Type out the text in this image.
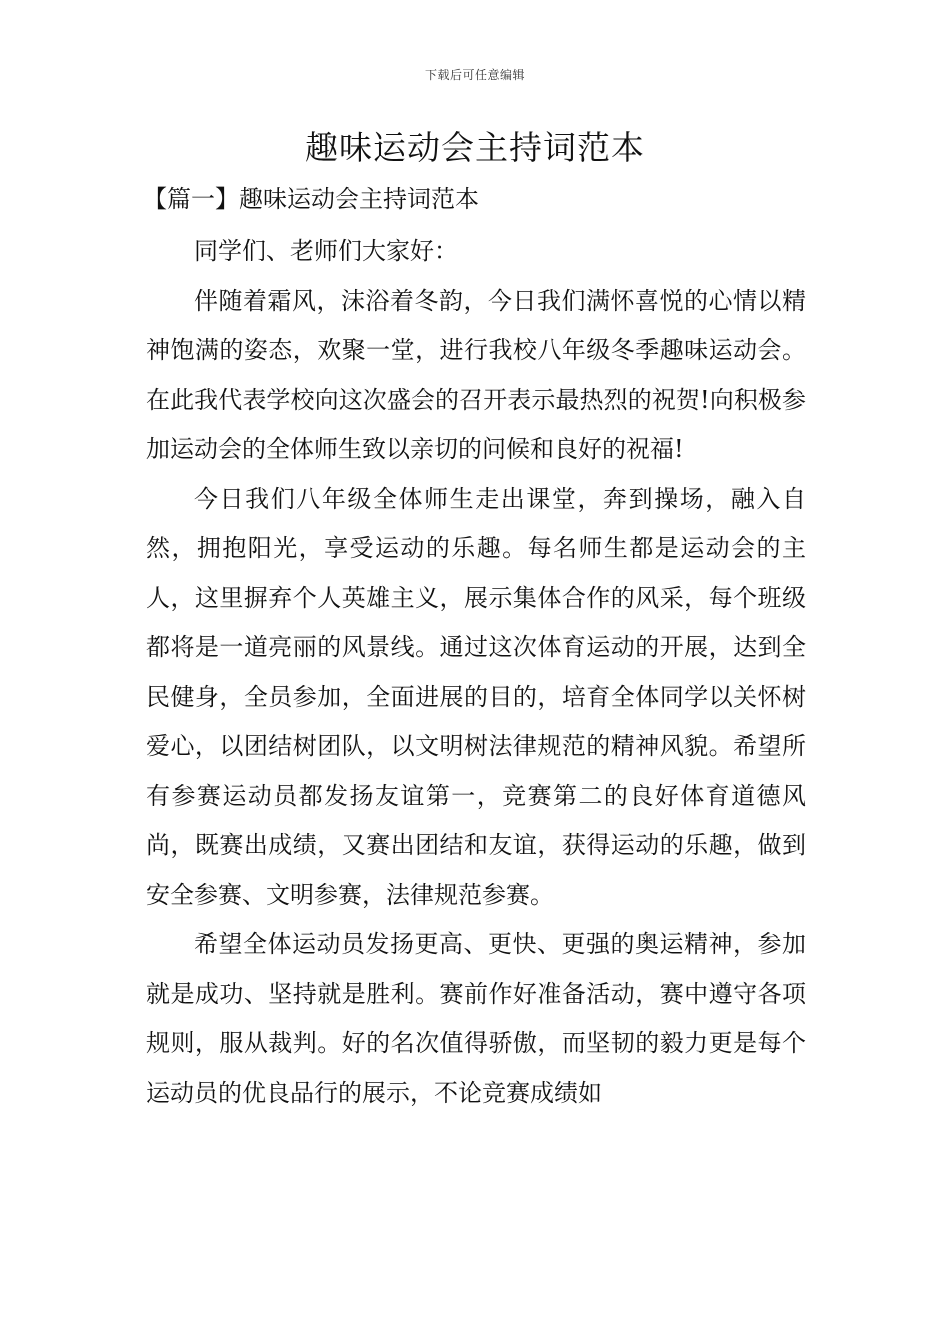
下载后可任意编辑
趣味运动会主持词范本
【篇一】趣味运动会主持词范本

同学们、老师们大家好：

伴随着霜风，沫浴着冬韵，今日我们满怀喜悦的心情以精神饱满的姿态，欢聚一堂，进行我校八年级冬季趣味运动会。在此我代表学校向这次盛会的召开表示最热烈的祝贺!向积极参加运动会的全体师生致以亲切的问候和良好的祝福!

今日我们八年级全体师生走出课堂，奔到操场，融入自然，拥抱阳光，享受运动的乐趣。每名师生都是运动会的主人，这里摒弃个人英雄主义，展示集体合作的风采，每个班级都将是一道亮丽的风景线。通过这次体育运动的开展，达到全民健身，全员参加，全面进展的目的，培育全体同学以关怀树爱心，以团结树团队，以文明树法律规范的精神风貌。希望所有参赛运动员都发扬友谊第一，竞赛第二的良好体育道德风尚，既赛出成绩，又赛出团结和友谊，获得运动的乐趣，做到安全参赛、文明参赛，法律规范参赛。

希望全体运动员发扬更高、更快、更强的奥运精神，参加就是成功、坚持就是胜利。赛前作好准备活动，赛中遵守各项规则，服从裁判。好的名次值得骄傲，而坚韧的毅力更是每个运动员的优良品行的展示，不论竞赛成绩如
